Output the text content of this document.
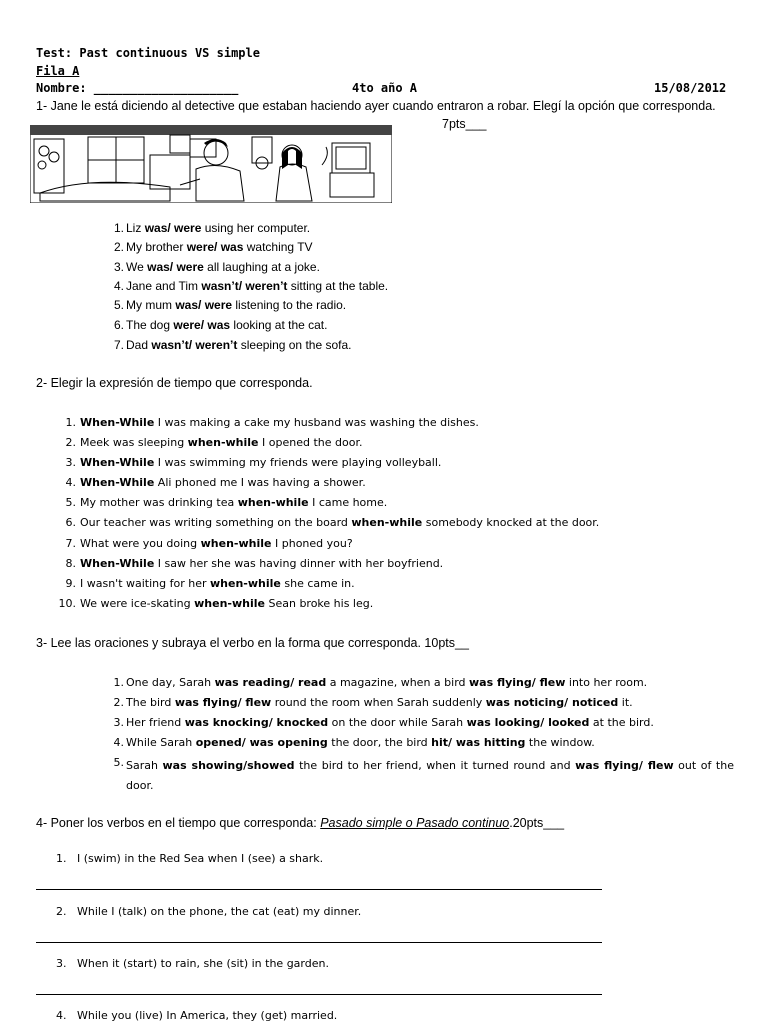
Test: Past continuous VS simple
Fila A
Nombre: ____________________	4to año A	15/08/2012
1- Jane le está diciendo al detective que estaban haciendo ayer cuando entraron a robar. Elegí la opción que corresponda.
7pts___
1. Liz was/ were using her computer.
2. My brother were/ was watching TV
3. We was/ were all laughing at a joke.
4. Jane and Tim wasn’t/ weren’t sitting at the table.
5. My mum was/ were listening to the radio.
6. The dog were/ was looking at the cat.
7. Dad wasn’t/ weren’t sleeping on the sofa.
2- Elegir la expresión de tiempo que corresponda.
1. When-While I was making a cake my husband was washing the dishes.
2. Meek was sleeping when-while I opened the door.
3. When-While I was swimming my friends were playing volleyball.
4. When-While Ali phoned me I was having a shower.
5. My mother was drinking tea when-while I came home.
6. Our teacher was writing something on the board when-while somebody knocked at the door.
7. What were you doing when-while I phoned you?
8. When-While I saw her she was having dinner with her boyfriend.
9. I wasn't waiting for her when-while she came in.
10. We were ice-skating when-while Sean broke his leg.
3- Lee las oraciones y subraya el verbo en la forma que corresponda. 10pts__
1. One day, Sarah was reading/ read a magazine, when a bird was flying/ flew into her room.
2. The bird was flying/ flew round the room when Sarah suddenly was noticing/ noticed it.
3. Her friend was knocking/ knocked on the door while Sarah was looking/ looked at the bird.
4. While Sarah opened/ was opening the door, the bird hit/ was hitting the window.
5. Sarah was showing/showed the bird to her friend, when it turned round and was flying/ flew out of the door.
4- Poner los verbos en el tiempo que corresponda: Pasado simple o Pasado continuo.20pts___
1. I (swim) in the Red Sea when I (see) a shark.
2. While I (talk) on the phone, the cat (eat) my dinner.
3. When it (start) to rain, she (sit) in the garden.
4. While you (live) In America, they (get) married.
